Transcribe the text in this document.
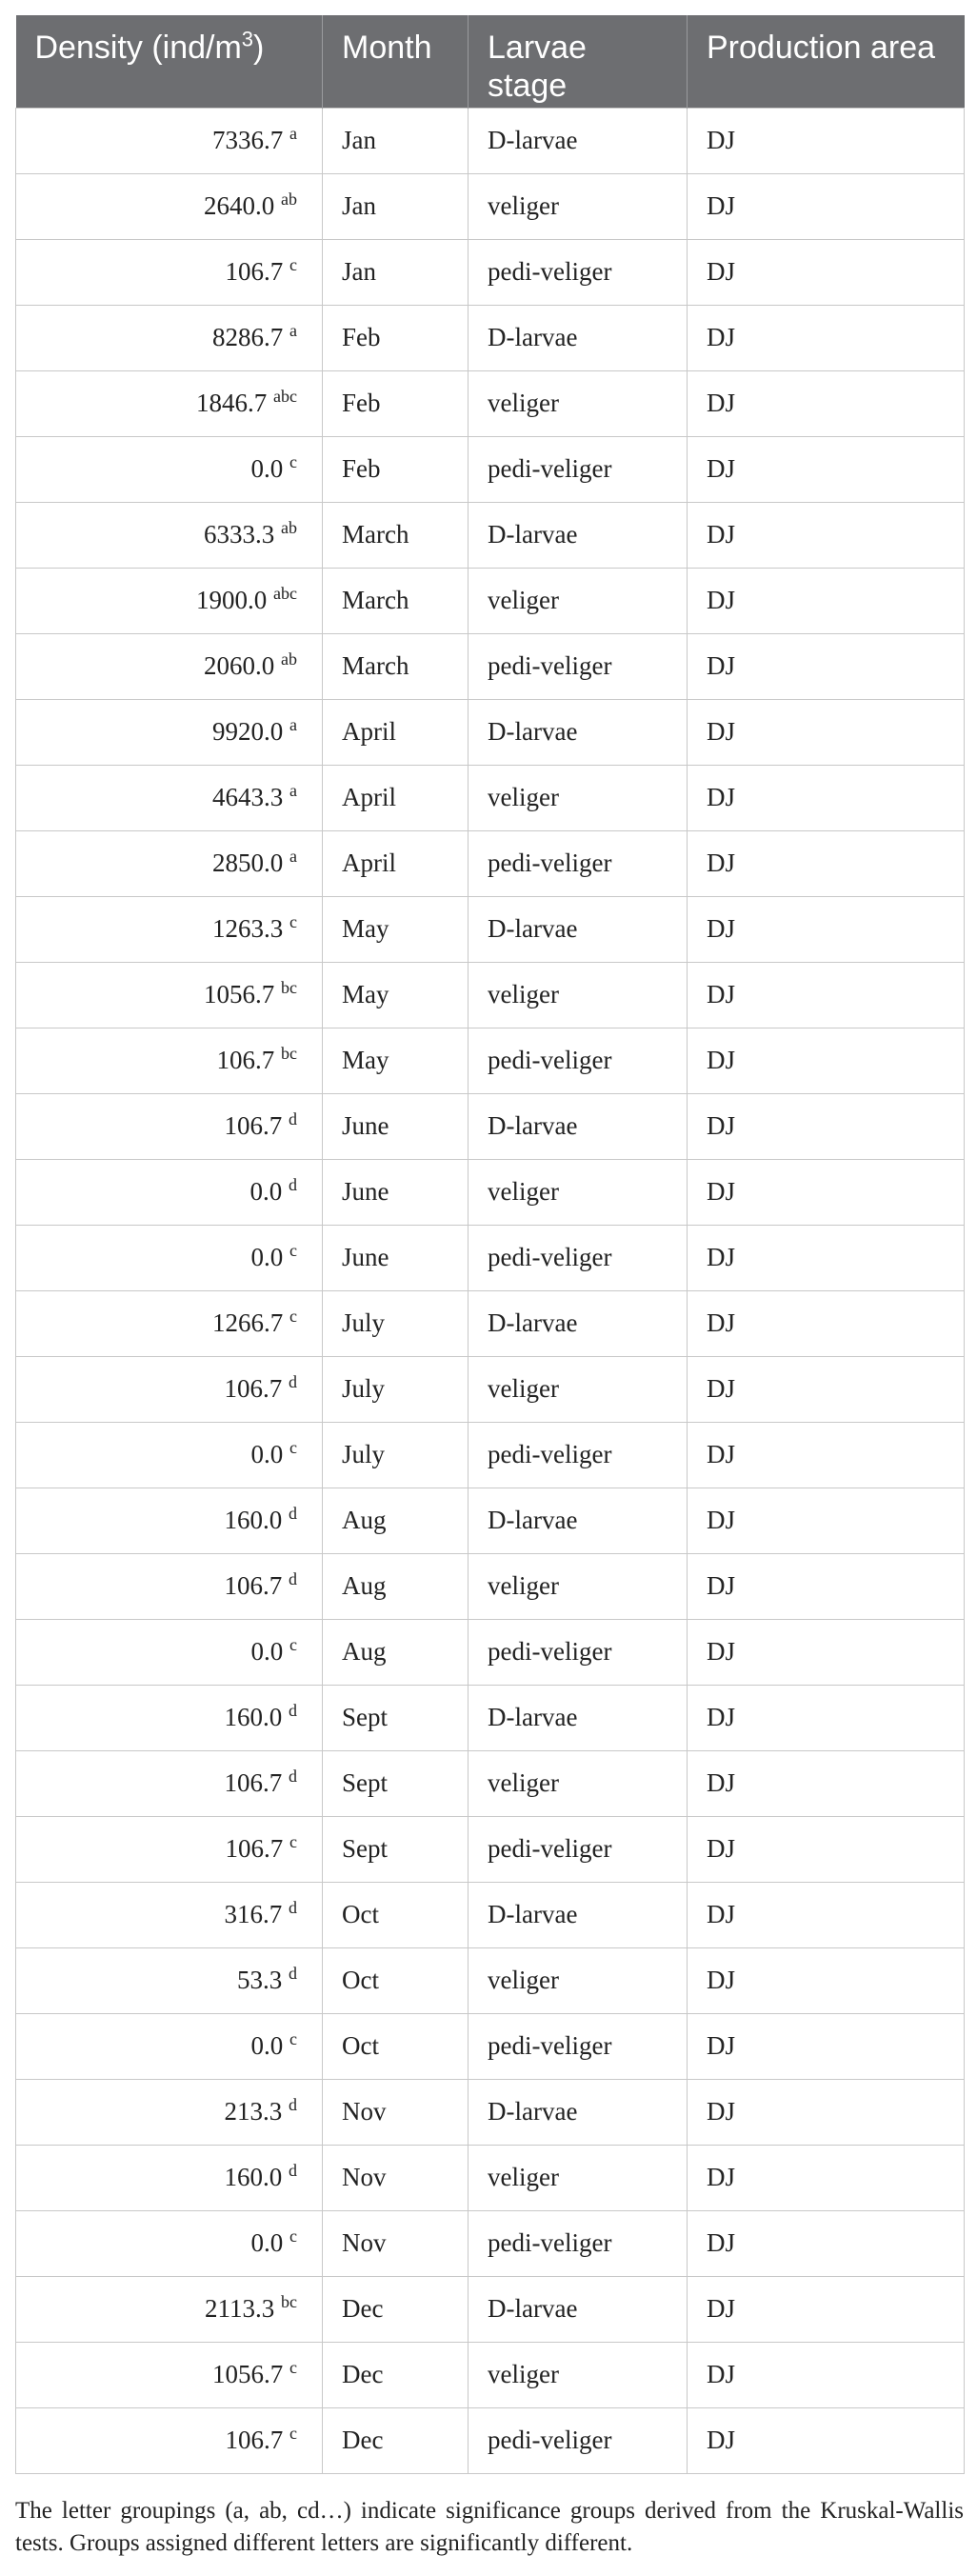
Density $(ind/m^3)$	Month	Larvae stage	Production area
7336.7 $^a$	Jan	D-larvae	DJ
2640.0 $^{ab}$	Jan	veliger	DJ
106.7 $^c$	Jan	pedi-veliger	DJ
8286.7 $^a$	Feb	D-larvae	DJ
1846.7 $^{abc}$	Feb	veliger	DJ
0.0 $^c$	Feb	pedi-veliger	DJ
6333.3 $^{ab}$	March	D-larvae	DJ
1900.0 $^{abc}$	March	veliger	DJ
2060.0 $^{ab}$	March	pedi-veliger	DJ
9920.0 $^a$	April	D-larvae	DJ
4643.3 $^a$	April	veliger	DJ
2850.0 $^a$	April	pedi-veliger	DJ
1263.3 $^c$	May	D-larvae	DJ
1056.7 $^{bc}$	May	veliger	DJ
106.7 $^{bc}$	May	pedi-veliger	DJ
106.7 $^d$	June	D-larvae	DJ
0.0 $^d$	June	veliger	DJ
0.0 $^c$	June	pedi-veliger	DJ
1266.7 $^c$	July	D-larvae	DJ
106.7 $^d$	July	veliger	DJ
0.0 $^c$	July	pedi-veliger	DJ
160.0 $^d$	Aug	D-larvae	DJ
106.7 $^d$	Aug	veliger	DJ
0.0 $^c$	Aug	pedi-veliger	DJ
160.0 $^d$	Sept	D-larvae	DJ
106.7 $^d$	Sept	veliger	DJ
106.7 $^c$	Sept	pedi-veliger	DJ
316.7 $^d$	Oct	D-larvae	DJ
53.3 $^d$	Oct	veliger	DJ
0.0 $^c$	Oct	pedi-veliger	DJ
213.3 $^d$	Nov	D-larvae	DJ
160.0 $^d$	Nov	veliger	DJ
0.0 $^c$	Nov	pedi-veliger	DJ
2113.3 $^{bc}$	Dec	D-larvae	DJ
1056.7 $^c$	Dec	veliger	DJ
106.7 $^c$	Dec	pedi-veliger	DJ
The letter groupings (a, ab, cd…) indicate significance groups derived from the Kruskal-Wallis tests. Groups assigned different letters are significantly different.
